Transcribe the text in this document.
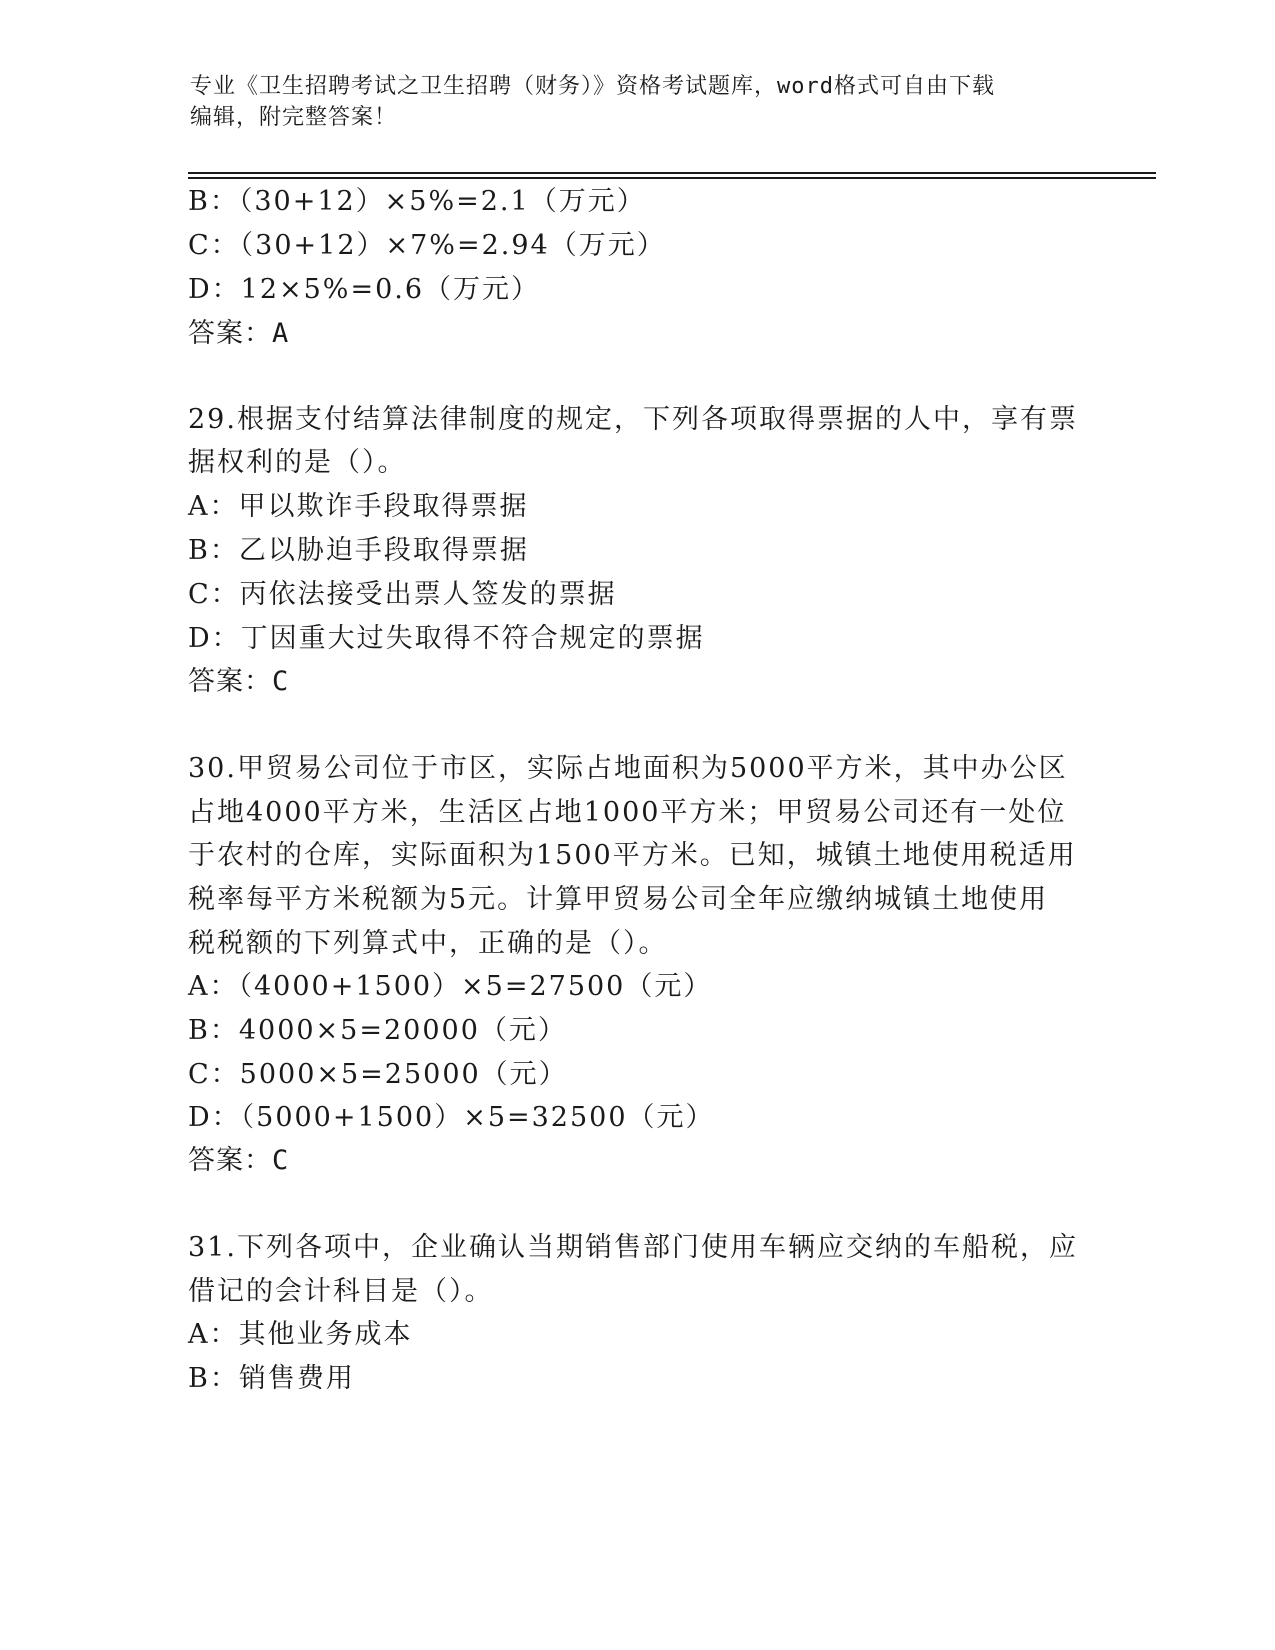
专业《卫生招聘考试之卫生招聘（财务）》资格考试题库，word格式可自由下载
编辑，附完整答案！
B：（30+12）×5%=2.1（万元）
C：（30+12）×7%=2.94（万元）
D：12×5%=0.6（万元）
答案：A
29.根据支付结算法律制度的规定，下列各项取得票据的人中，享有票
据权利的是（）。
A：甲以欺诈手段取得票据
B：乙以胁迫手段取得票据
C：丙依法接受出票人签发的票据
D：丁因重大过失取得不符合规定的票据
答案：C
30.甲贸易公司位于市区，实际占地面积为5000平方米，其中办公区
占地4000平方米，生活区占地1000平方米；甲贸易公司还有一处位
于农村的仓库，实际面积为1500平方米。已知，城镇土地使用税适用
税率每平方米税额为5元。计算甲贸易公司全年应缴纳城镇土地使用
税税额的下列算式中，正确的是（）。
A：（4000+1500）×5=27500（元）
B：4000×5=20000（元）
C：5000×5=25000（元）
D：（5000+1500）×5=32500（元）
答案：C
31.下列各项中，企业确认当期销售部门使用车辆应交纳的车船税，应
借记的会计科目是（）。
A：其他业务成本
B：销售费用
